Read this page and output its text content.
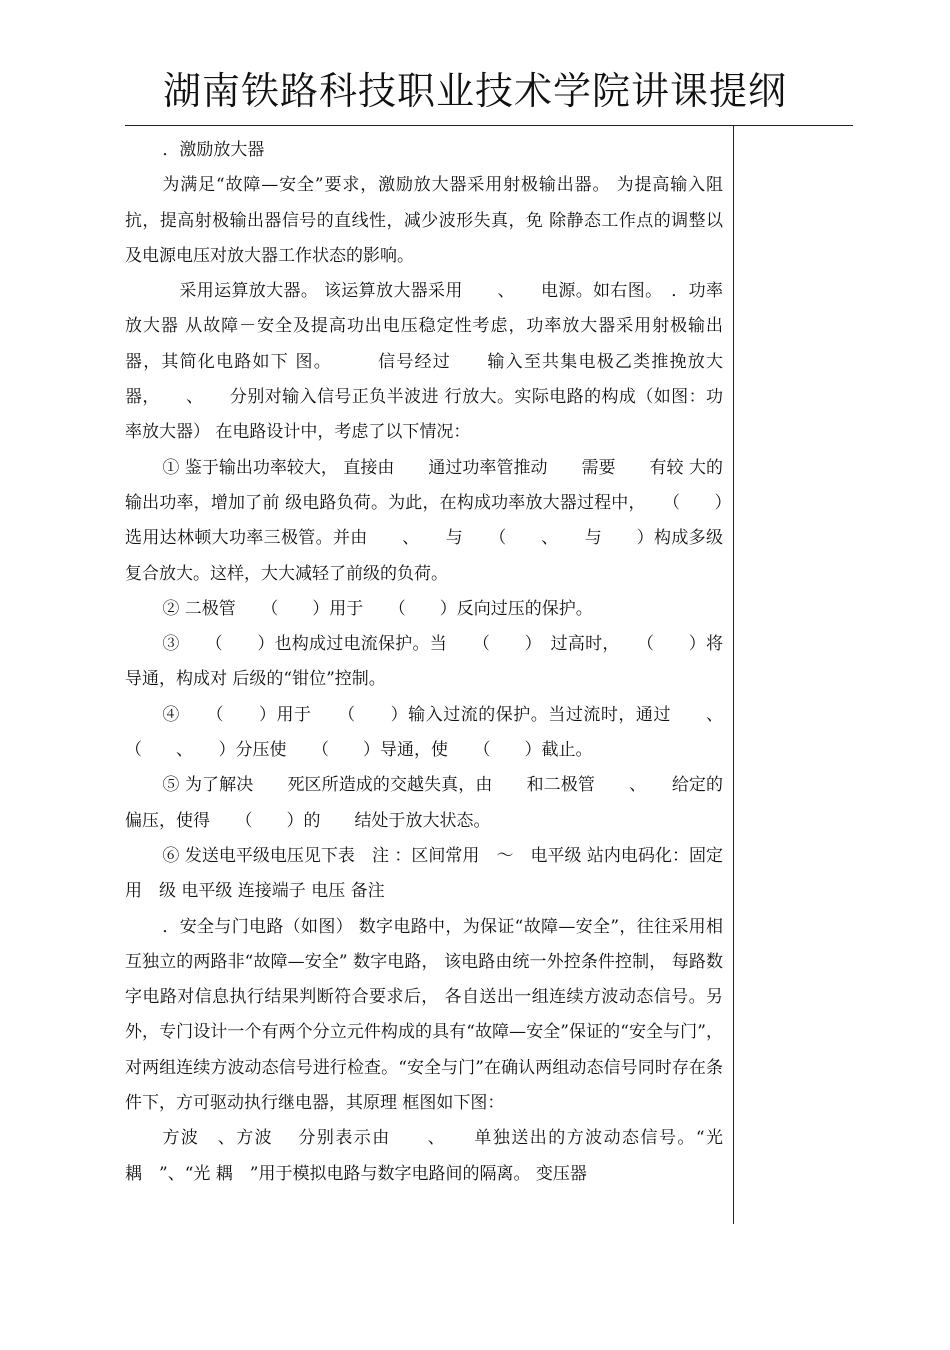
湖南铁路科技职业技术学院讲课提纲

．激励放大器

为满足“故障—安全”要求，激励放大器采用射极输出器。 为提高输入阻抗，提高射极输出器信号的直线性，减少波形失真，免 除静态工作点的调整以及电源电压对放大器工作状态的影响。

采用运算放大器。 该运算放大器采用　　、　　电源。如右图。　．功率放大器 从故障－安全及提高功出电压稳定性考虑，功率放大器采用射极输出器，其简化电路如下 图。　　　信号经过　　输入至共集电极乙类推挽放大器，　　、　　分别对输入信号正负半波进 行放大。实际电路的构成（如图：功率放大器） 在电路设计中，考虑了以下情况：

① 鉴于输出功率较大， 直接由　　通过功率管推动　　需要　　有较 大的输出功率，增加了前 级电路负荷。为此，在构成功率放大器过程中，　　（　　）选用达林顿大功率三极管。并由　　、　　与　　（　　、　　与　　）构成多级复合放大。这样，大大减轻了前级的负荷。

② 二极管　　（　　）用于　　（　　）反向过压的保护。

③　　（　　）也构成过电流保护。当　　（　　）　过高时，　　（　　）将导通，构成对 后级的“钳位”控制。

④　　（　　）用于　　（　　）输入过流的保护。当过流时，通过　　、（　　、　　）分压使　　（　　）导通，使　　（　　）截止。

⑤ 为了解决　　死区所造成的交越失真，由　　和二极管　　、　　给定的偏压，使得　　（　　）的　　结处于放大状态。

⑥ 发送电平级电压见下表　注 ：区间常用　～　电平级 站内电码化：固定用　级 电平级 连接端子 电压 备注

．安全与门电路（如图） 数字电路中，为保证“故障—安全”，往往采用相互独立的两路非“故障—安全” 数字电路， 该电路由统一外控条件控制， 每路数字电路对信息执行结果判断符合要求后， 各自送出一组连续方波动态信号。另外，专门设计一个有两个分立元件构成的具有“故障—安全”保证的“安全与门”，对两组连续方波动态信号进行检查。“安全与门”在确认两组动态信号同时存在条件下，方可驱动执行继电器，其原理 框图如下图：

方波　、方波　 分别表示由　　、　　单独送出的方波动态信号。“光耦　”、“光 耦　”用于模拟电路与数字电路间的隔离。 变压器
